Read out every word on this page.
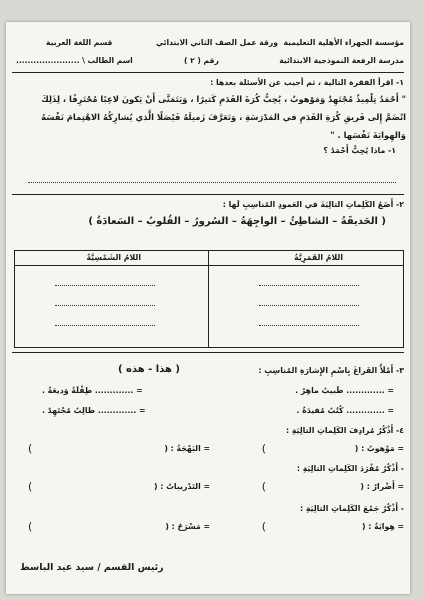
مؤسسة الجهراء الأهلية التعليمية
مدرسة الرفعة النموذجية الابتدائية
ورقة عمل الصف الثاني الابتدائي
رقم ( ٢ )
قسم اللغة العربية
اسم الطالب \ ......................
١- اقرأ الفقرة التالية ، ثم أجيب عن الأسئلة بعدها :
" أَحْمَدُ تِلْمِيذٌ مُجْتَهِدٌ وَمَوْهوبٌ ، يُحِبُّ كُرَةَ القَدَمِ كَثيرًا ، وَيَتَمَنَّى أَنْ يَكونَ لاعِبًا مُحْتَرِفًا ، لِذَلِكَ
انْضَمَّ إِلى فَريقِ كُرَةِ القَدَمِ في المَدْرَسَةِ ، وَتَعَرَّفَ زَميلَهُ فَيْصَلًا الَّذي يُشارِكُهُ الاهْتِمامَ نَفْسَهُ
وَالهِوايَةَ نَفْسَها . "
١- ماذا يُحِبُّ أَحْمَدُ ؟
٢- أَضَعُ الكَلِماتِ التالِيَةَ في العَمودِ المُناسِبِ لَها :
( الحَديقَةُ – الشاطِئُ – الواجِهَةُ – السُرورُ – القُلوبُ – السَعادَةُ )
اللامُ القَمَرِيَّةُ
اللامُ الشَمْسِيَّةُ
٣- أَمْلَأُ الفَراغَ بِاسْمِ الإِشارَةِ المُناسِبِ :
( هذا - هذه )
= ............. طَبيبٌ ماهِرٌ .
= ............. طِفْلَةٌ وَديعَةٌ .
= ............. كُتُبٌ مُفيدَةٌ .
= ............. طالِبٌ مُجْتَهِدٌ .
٤- أَذْكُرُ مُرادِفَ الكَلِماتِ التالِيَةِ :
= مَوْهوبٌ : (
)
= البَهْجَةُ : (
)
- أَذْكُرُ مُفْرَدَ الكَلِماتِ التالِيَةِ :
= أَضْرارٌ : (
)
= التَدْريباتُ : (
)
- أَذْكُرُ جَمْعَ الكَلِماتِ التالِيَةِ :
= هِوايَةٌ : (
)
= مَسْرَحٌ : (
)
رئيس القسم / سيد عيد الباسط
